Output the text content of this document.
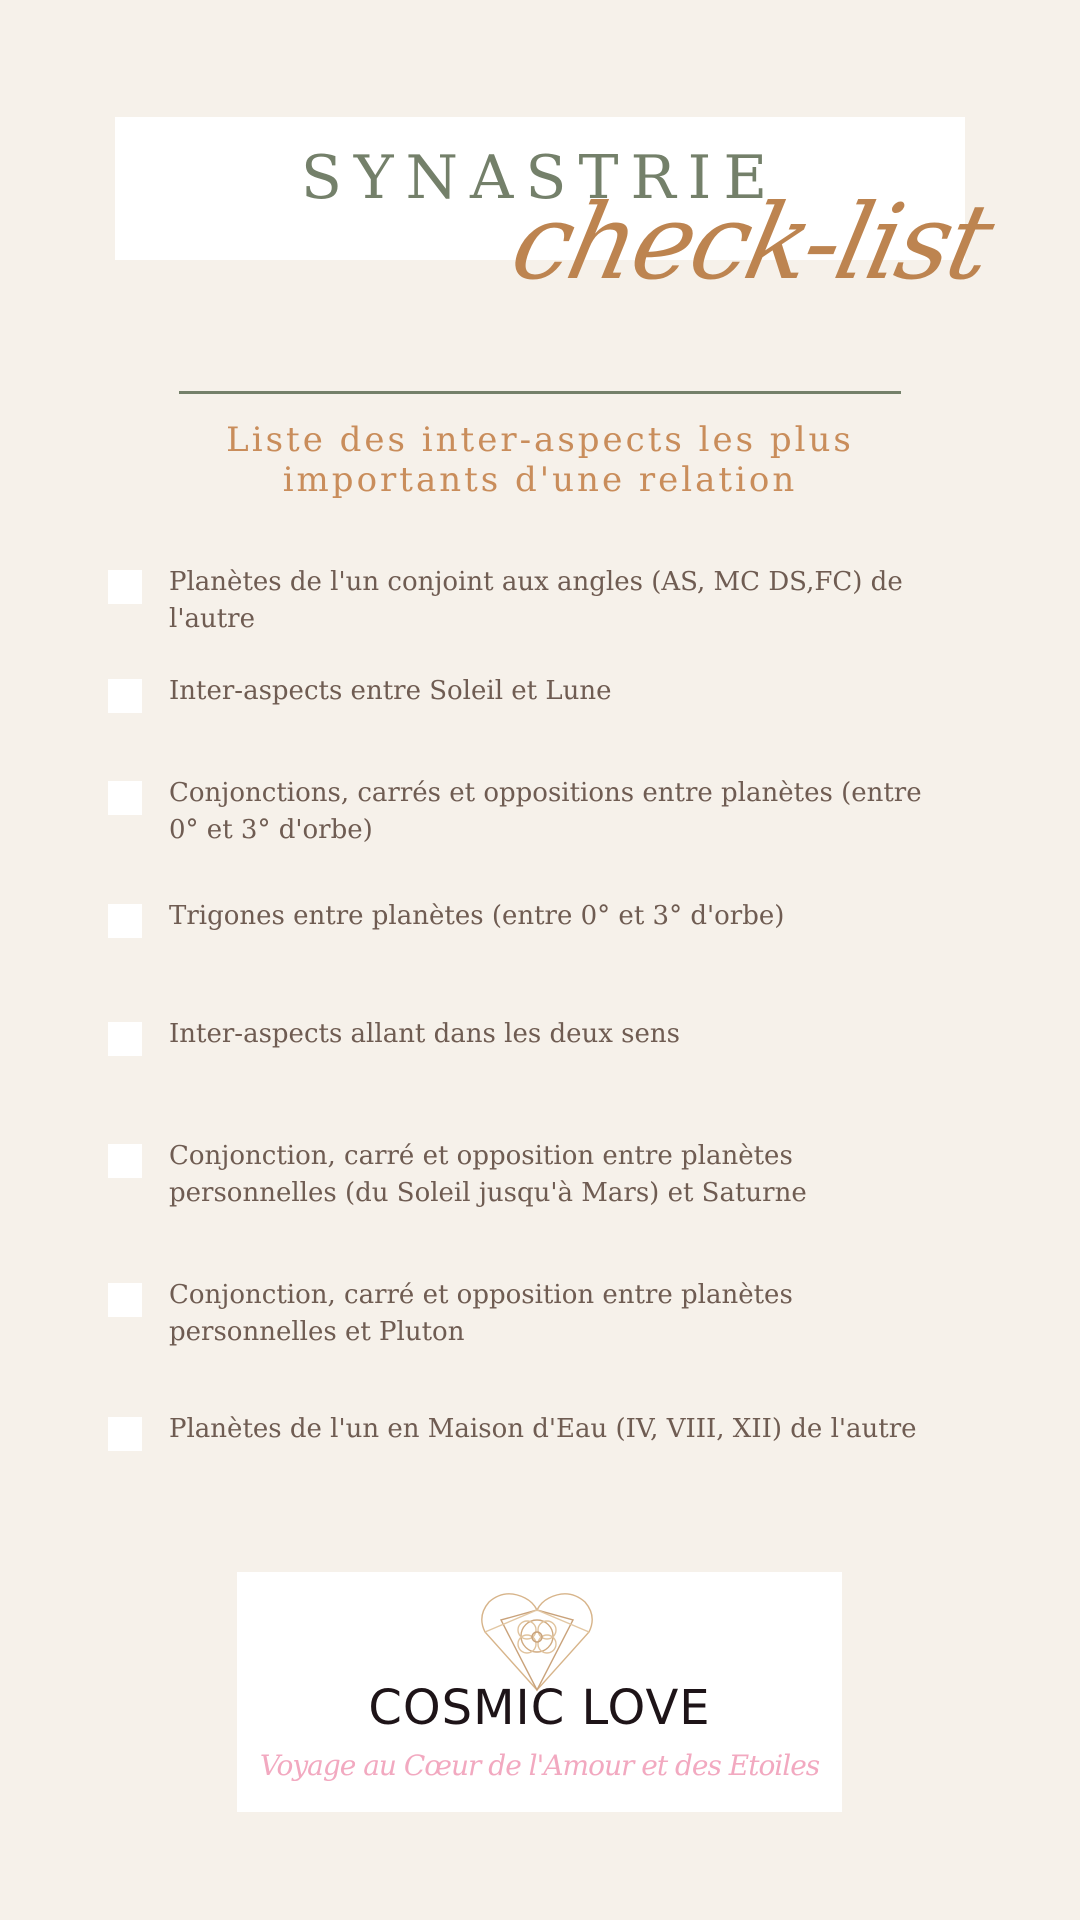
SYNASTRIE
check-list
Liste des inter-aspects les plus
importants d'une relation
Planètes de l'un conjoint aux angles (AS, MC DS,FC) de l'autre
Inter-aspects entre Soleil et Lune
Conjonctions, carrés et oppositions entre planètes (entre 0° et 3° d'orbe)
Trigones entre planètes (entre 0° et 3° d'orbe)
Inter-aspects allant dans les deux sens
Conjonction, carré et opposition entre planètes personnelles (du Soleil jusqu'à Mars) et Saturne
Conjonction, carré et opposition entre planètes personnelles et Pluton
Planètes de l'un en Maison d'Eau (IV, VIII, XII) de l'autre
COSMIC LOVE
Voyage au Cœur de l'Amour et des Etoiles
